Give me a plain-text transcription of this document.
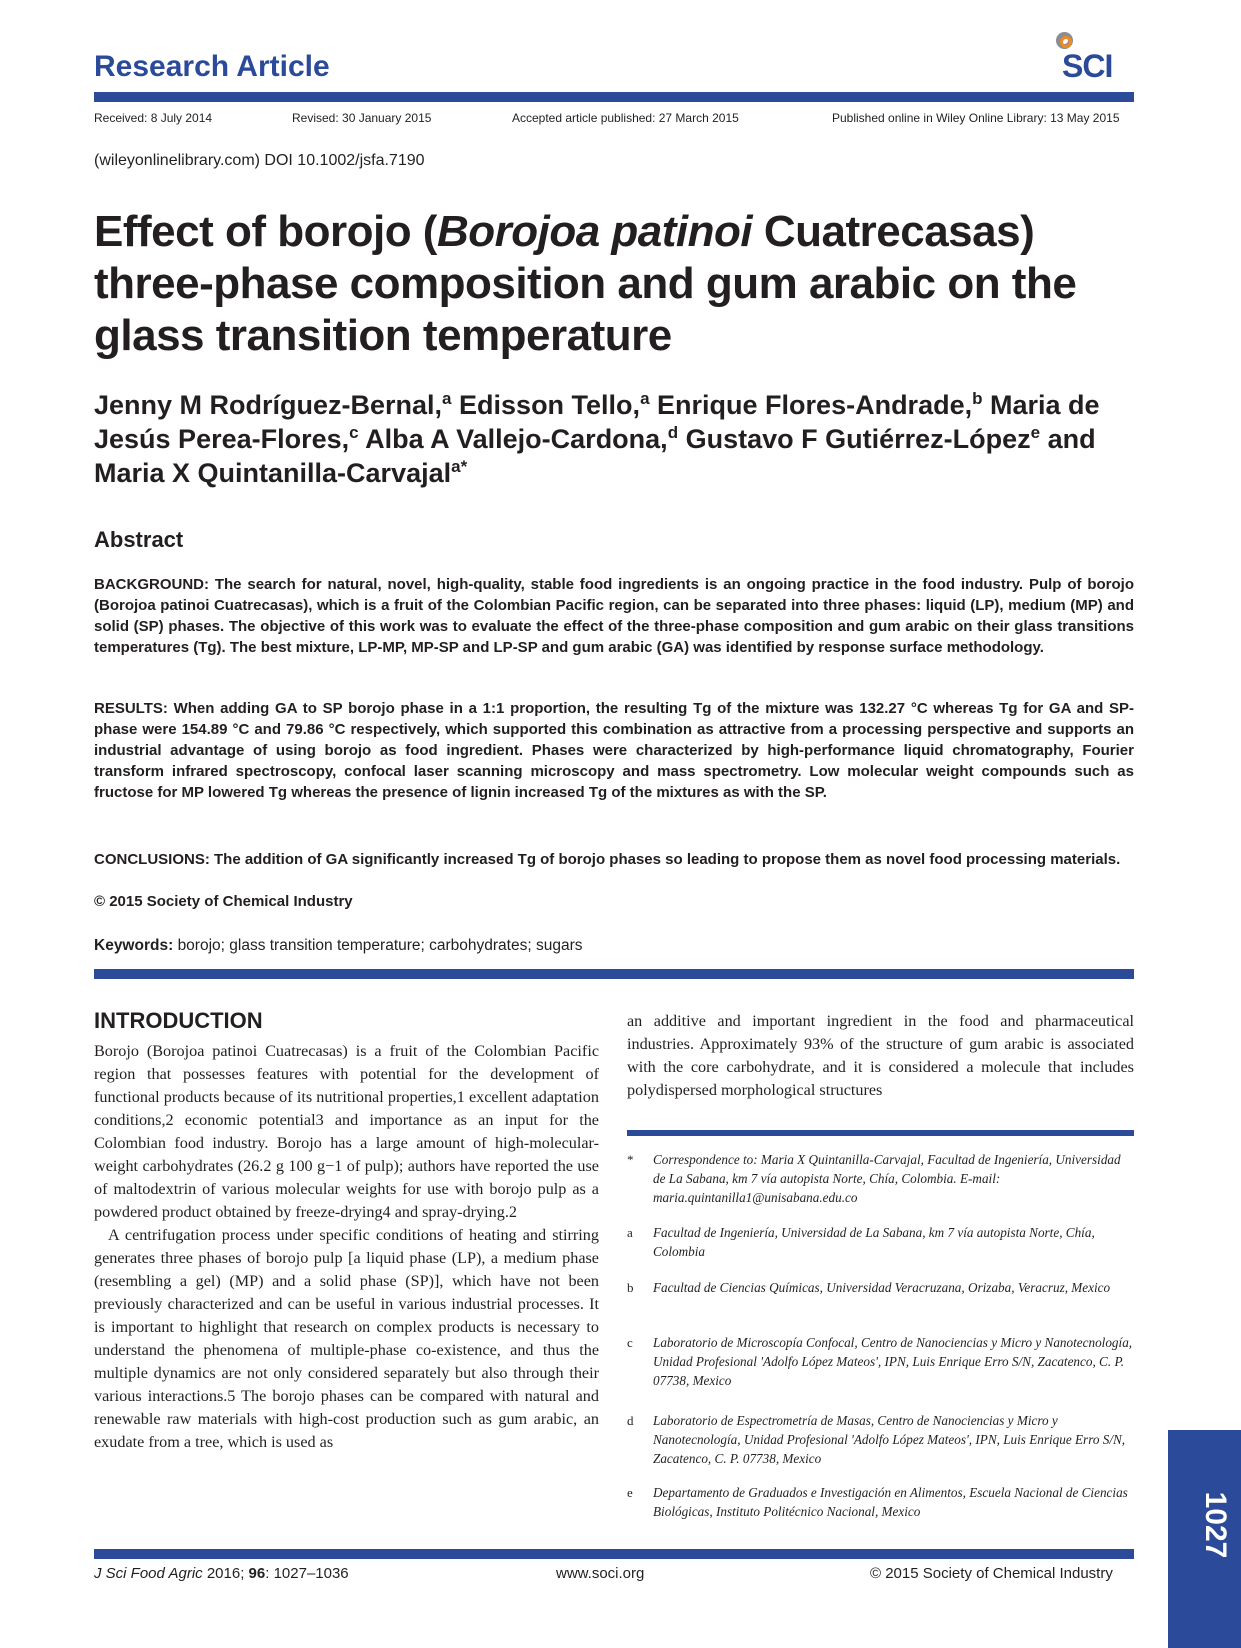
Research Article	SCI
Received: 8 July 2014	Revised: 30 January 2015	Accepted article published: 27 March 2015	Published online in Wiley Online Library: 13 May 2015
(wileyonlinelibrary.com) DOI 10.1002/jsfa.7190
Effect of borojo (Borojoa patinoi Cuatrecasas) three-phase composition and gum arabic on the glass transition temperature
Jenny M Rodríguez-Bernal,$^a$ Edisson Tello,$^a$ Enrique Flores-Andrade,$^b$ Maria de Jesús Perea-Flores,$^c$ Alba A Vallejo-Cardona,$^d$ Gustavo F Gutiérrez-López$^e$ and Maria X Quintanilla-Carvajal$^{a*}$
Abstract
BACKGROUND: The search for natural, novel, high-quality, stable food ingredients is an ongoing practice in the food industry. Pulp of borojo (Borojoa patinoi Cuatrecasas), which is a fruit of the Colombian Pacific region, can be separated into three phases: liquid (LP), medium (MP) and solid (SP) phases. The objective of this work was to evaluate the effect of the three-phase composition and gum arabic on their glass transitions temperatures (Tg). The best mixture, LP-MP, MP-SP and LP-SP and gum arabic (GA) was identified by response surface methodology.
RESULTS: When adding GA to SP borojo phase in a 1:1 proportion, the resulting Tg of the mixture was 132.27 °C whereas Tg for GA and SP-phase were 154.89 °C and 79.86 °C respectively, which supported this combination as attractive from a processing perspective and supports an industrial advantage of using borojo as food ingredient. Phases were characterized by high-performance liquid chromatography, Fourier transform infrared spectroscopy, confocal laser scanning microscopy and mass spectrometry. Low molecular weight compounds such as fructose for MP lowered Tg whereas the presence of lignin increased Tg of the mixtures as with the SP.
CONCLUSIONS: The addition of GA significantly increased Tg of borojo phases so leading to propose them as novel food processing materials.
© 2015 Society of Chemical Industry
Keywords: borojo; glass transition temperature; carbohydrates; sugars
INTRODUCTION
Borojo (Borojoa patinoi Cuatrecasas) is a fruit of the Colombian Pacific region that possesses features with potential for the development of functional products because of its nutritional properties,1 excellent adaptation conditions,2 economic potential3 and importance as an input for the Colombian food industry. Borojo has a large amount of high-molecular-weight carbohydrates (26.2 g 100 g−1 of pulp); authors have reported the use of maltodextrin of various molecular weights for use with borojo pulp as a powdered product obtained by freeze-drying4 and spray-drying.2
A centrifugation process under specific conditions of heating and stirring generates three phases of borojo pulp [a liquid phase (LP), a medium phase (resembling a gel) (MP) and a solid phase (SP)], which have not been previously characterized and can be useful in various industrial processes. It is important to highlight that research on complex products is necessary to understand the phenomena of multiple-phase co-existence, and thus the multiple dynamics are not only considered separately but also through their various interactions.5 The borojo phases can be compared with natural and renewable raw materials with high-cost production such as gum arabic, an exudate from a tree, which is used as
an additive and important ingredient in the food and pharmaceutical industries. Approximately 93% of the structure of gum arabic is associated with the core carbohydrate, and it is considered a molecule that includes polydispersed morphological structures
* Correspondence to: Maria X Quintanilla-Carvajal, Facultad de Ingeniería, Universidad de La Sabana, km 7 vía autopista Norte, Chía, Colombia. E-mail: maria.quintanilla1@unisabana.edu.co
a Facultad de Ingeniería, Universidad de La Sabana, km 7 vía autopista Norte, Chía, Colombia
b Facultad de Ciencias Químicas, Universidad Veracruzana, Orizaba, Veracruz, Mexico
c Laboratorio de Microscopía Confocal, Centro de Nanociencias y Micro y Nanotecnología, Unidad Profesional 'Adolfo López Mateos', IPN, Luis Enrique Erro S/N, Zacatenco, C. P. 07738, Mexico
d Laboratorio de Espectrometría de Masas, Centro de Nanociencias y Micro y Nanotecnología, Unidad Profesional 'Adolfo López Mateos', IPN, Luis Enrique Erro S/N, Zacatenco, C. P. 07738, Mexico
e Departamento de Graduados e Investigación en Alimentos, Escuela Nacional de Ciencias Biológicas, Instituto Politécnico Nacional, Mexico
J Sci Food Agric 2016; 96: 1027–1036	www.soci.org	© 2015 Society of Chemical Industry
1027
